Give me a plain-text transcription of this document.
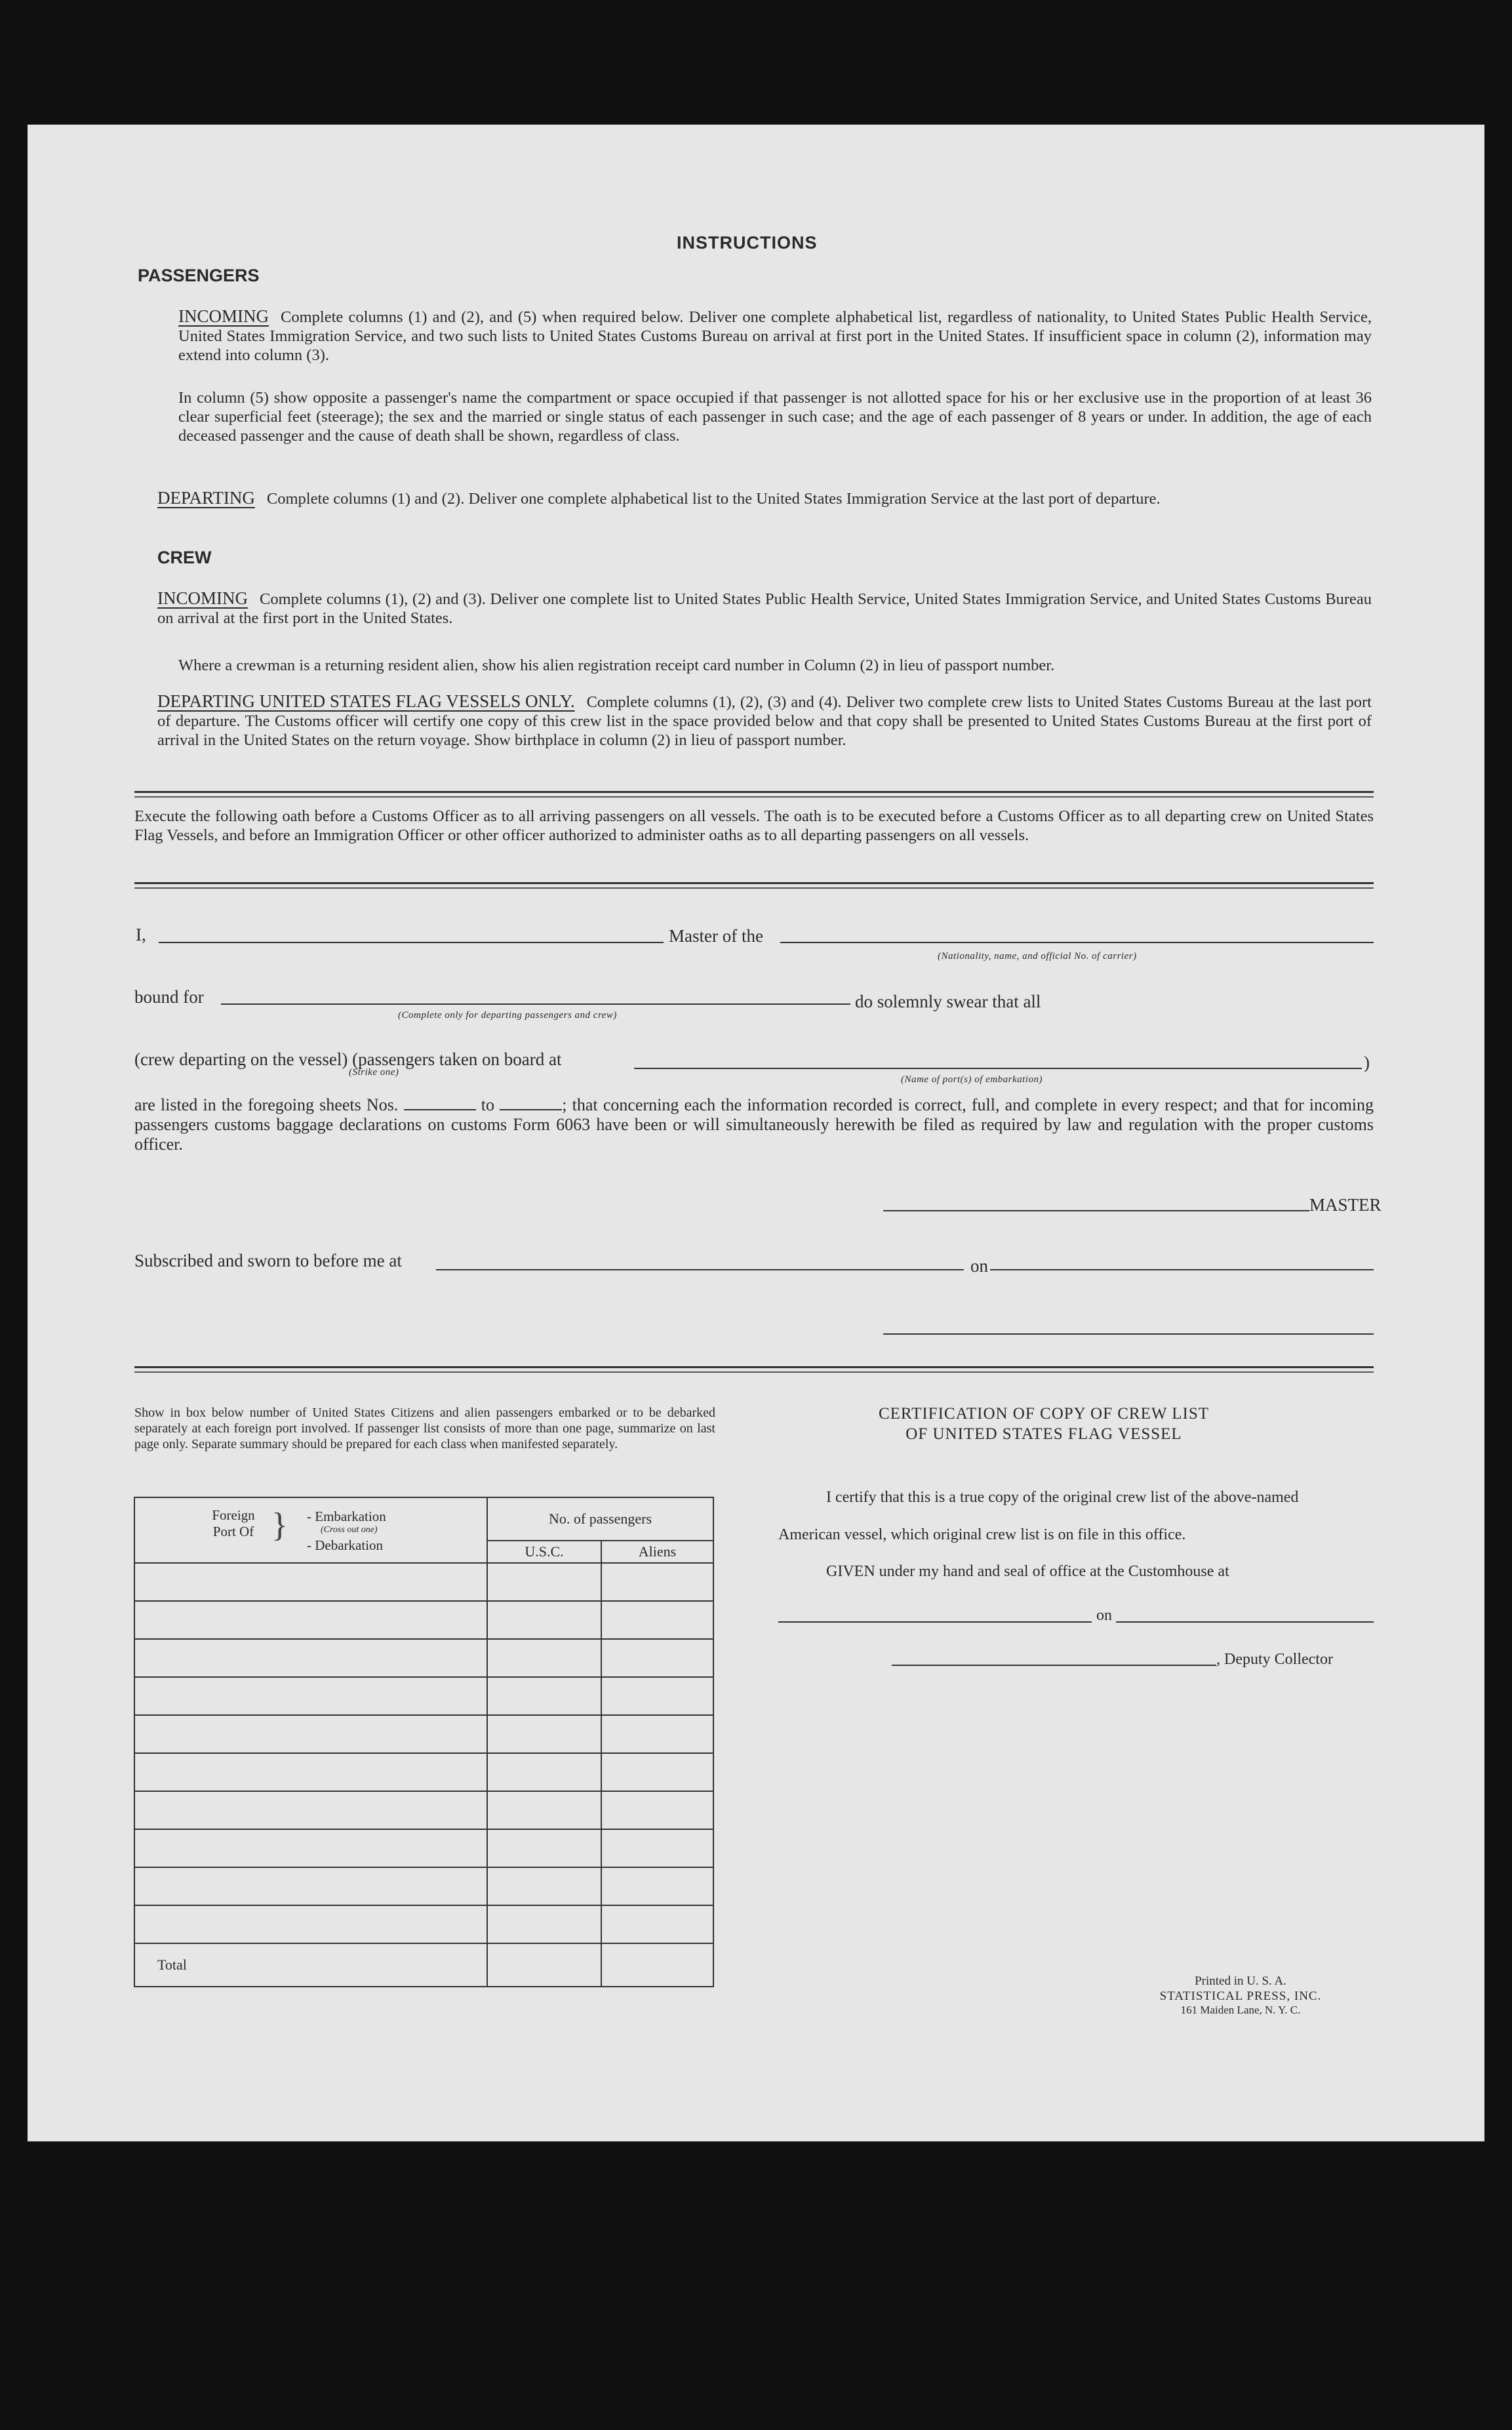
INSTRUCTIONS
PASSENGERS
INCOMING Complete columns (1) and (2), and (5) when required below. Deliver one complete alphabetical list, regardless of nationality, to United States Public Health Service, United States Immigration Service, and two such lists to United States Customs Bureau on arrival at first port in the United States. If insufficient space in column (2), information may extend into column (3).
In column (5) show opposite a passenger's name the compartment or space occupied if that passenger is not allotted space for his or her exclusive use in the proportion of at least 36 clear superficial feet (steerage); the sex and the married or single status of each passenger in such case; and the age of each passenger of 8 years or under. In addition, the age of each deceased passenger and the cause of death shall be shown, regardless of class.
DEPARTING Complete columns (1) and (2). Deliver one complete alphabetical list to the United States Immigration Service at the last port of departure.
CREW
INCOMING Complete columns (1), (2) and (3). Deliver one complete list to United States Public Health Service, United States Immigration Service, and United States Customs Bureau on arrival at the first port in the United States.
Where a crewman is a returning resident alien, show his alien registration receipt card number in Column (2) in lieu of passport number.
DEPARTING UNITED STATES FLAG VESSELS ONLY. Complete columns (1), (2), (3) and (4). Deliver two complete crew lists to United States Customs Bureau at the last port of departure. The Customs officer will certify one copy of this crew list in the space provided below and that copy shall be presented to United States Customs Bureau at the first port of arrival in the United States on the return voyage. Show birthplace in column (2) in lieu of passport number.
Execute the following oath before a Customs Officer as to all arriving passengers on all vessels. The oath is to be executed before a Customs Officer as to all departing crew on United States Flag Vessels, and before an Immigration Officer or other officer authorized to administer oaths as to all departing passengers on all vessels.
I,	Master of the
(Nationality, name, and official No. of carrier)
bound for
(Complete only for departing passengers and crew)
do solemnly swear that all
(crew departing on the vessel) (passengers taken on board at
(Strike one)	)
(Name of port(s) of embarkation)
are listed in the foregoing sheets Nos.	to	; that concerning each the information recorded is correct, full, and complete in every respect; and that for incoming passengers customs baggage declarations on customs Form 6063 have been or will simultaneously herewith be filed as required by law and regulation with the proper customs officer.
MASTER
Subscribed and sworn to before me at	on
Show in box below number of United States Citizens and alien passengers embarked or to be debarked separately at each foreign port involved. If passenger list consists of more than one page, summarize on last page only. Separate summary should be prepared for each class when manifested separately.
Foreign Port Of } - Embarkation
(Cross out one)
- Debarkation	No. of passengers	
	U.S.C.	Aliens

Total		
CERTIFICATION OF COPY OF CREW LIST
OF UNITED STATES FLAG VESSEL
I certify that this is a true copy of the original crew list of the above-named
American vessel, which original crew list is on file in this office.
GIVEN under my hand and seal of office at the Customhouse at
on
, Deputy Collector
Printed in U. S. A.
STATISTICAL PRESS, INC.
161 Maiden Lane, N. Y. C.
